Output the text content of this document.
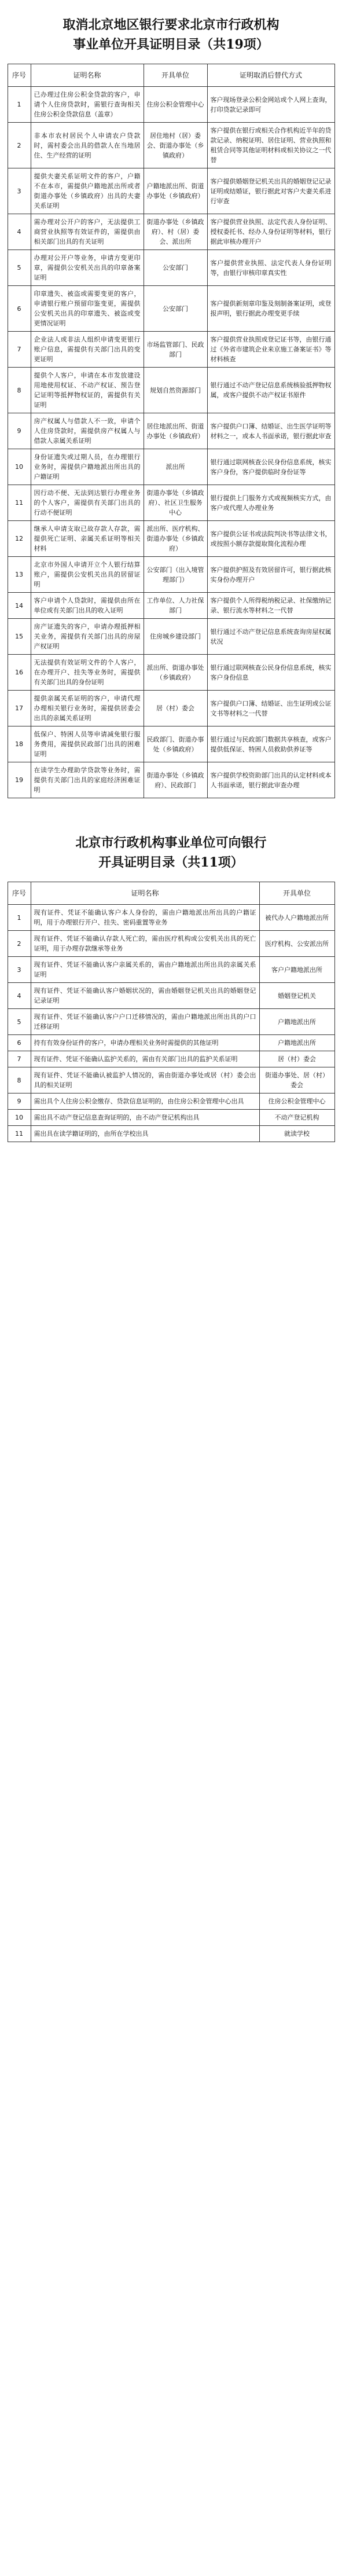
取消北京地区银行要求北京市行政机构
事业单位开具证明目录（共19项）
序号	证明名称	开具单位	证明取消后替代方式
1	已办理过住房公积金贷款的客户，申请个人住房贷款时，需银行查询相关住房公积金贷款信息（盖章）	住房公积金管理中心	客户现场登录公积金网站或个人网上查询，打印贷款记录即可
2	非本市农村居民个人申请农户贷款时，需村委会出具的借款人在当地居住、生产经营的证明	居住地村（居）委会、街道办事处（乡镇政府）	客户提供在银行或相关合作机构近半年的贷款记录、纳税证明、居住证明、营业执照和租赁合同等其他证明材料或相关协议之一代替
3	提供夫妻关系证明文件的客户，户籍不在本市，需提供户籍地派出所或者街道办事处（乡镇政府）出具的夫妻关系证明	户籍地派出所、街道办事处（乡镇政府）	客户提供婚姻登记机关出具的婚姻登记记录证明或结婚证，银行据此对客户夫妻关系进行审查
4	需办理对公开户的客户，无法提供工商营业执照等有效证件的，需提供由相关部门出具的有关证明	街道办事处（乡镇政府）、村（居）委会、派出所	客户提供营业执照、法定代表人身份证明、授权委托书、经办人身份证明等材料，银行据此审核办理开户
5	办理对公开户等业务，申请方变更印章，需提供公安机关出具的印章备案证明	公安部门	客户提供营业执照、法定代表人身份证明等，由银行审核印章真实性
6	印章遗失、被盗或需要变更的客户，申请银行账户预留印鉴变更，需提供公安机关出具的印章遗失、被盗或变更情况证明	公安部门	客户提供新刻章印鉴及刻制备案证明，或登报声明，银行据此办理变更手续
7	企业法人或非法人组织申请变更银行账户信息，需提供有关部门出具的变更证明	市场监管部门、民政部门	客户提供营业执照或登记证书等，由银行通过《外省市建筑企业来京施工备案证书》等材料核查
8	提供个人客户，申请在本市发放建设用地使用权证、不动产权证、预告登记证明等抵押物权证的，需提供有关证明	规划自然资源部门	银行通过不动产登记信息系统核验抵押物权属，或客户提供不动产权证书原件
9	房产权属人与借款人不一致，申请个人住房贷款时，需提供房产权属人与借款人亲属关系证明	居住地派出所、街道办事处（乡镇政府）	客户提供户口簿、结婚证、出生医学证明等材料之一，或本人书面承诺，银行据此审查
10	身份证遗失或过期人员，在办理银行业务时，需提供户籍地派出所出具的户籍证明	派出所	银行通过联网核查公民身份信息系统，核实客户身份，客户提供临时身份证等
11	因行动不便、无法到达银行办理业务的个人客户，需提供有关部门出具的行动不便证明	街道办事处（乡镇政府）、社区卫生服务中心	银行提供上门服务方式或视频核实方式，由客户或代理人办理业务
12	继承人申请支取已故存款人存款，需提供死亡证明、亲属关系证明等相关材料	派出所、医疗机构、街道办事处（乡镇政府）	客户提供公证书或法院判决书等法律文书，或按照小额存款提取简化流程办理
13	北京市外国人申请开立个人银行结算账户，需提供公安机关出具的居留证明	公安部门（出入境管理部门）	客户提供护照及有效居留许可，银行据此核实身份办理开户
14	客户申请个人贷款时，需提供由所在单位或有关部门出具的收入证明	工作单位、人力社保部门	客户提供个人所得税纳税记录、社保缴纳记录、银行流水等材料之一代替
15	房产证遗失的客户，申请办理抵押相关业务，需提供有关部门出具的房屋产权证明	住房城乡建设部门	银行通过不动产登记信息系统查询房屋权属状况
16	无法提供有效证明文件的个人客户，在办理开户、挂失等业务时，需提供有关部门出具的身份证明	派出所、街道办事处（乡镇政府）	银行通过联网核查公民身份信息系统，核实客户身份信息
17	提供亲属关系证明的客户，申请代理办理相关银行业务时，需提供居委会出具的亲属关系证明	居（村）委会	客户提供户口簿、结婚证、出生证明或公证文书等材料之一代替
18	低保户、特困人员等申请减免银行服务费用，需提供民政部门出具的困难证明	民政部门、街道办事处（乡镇政府）	银行通过与民政部门数据共享核查，或客户提供低保证、特困人员救助供养证等
19	在读学生办理助学贷款等业务时，需提供有关部门出具的家庭经济困难证明	街道办事处（乡镇政府）、民政部门	客户提供学校资助部门出具的认定材料或本人书面承诺，银行据此审查办理
北京市行政机构事业单位可向银行
开具证明目录（共11项）
序号	证明名称	开具单位
1	现有证件、凭证不能确认客户本人身份的，需由户籍地派出所出具的户籍证明，用于办理银行开户、挂失、密码重置等业务	被代办人户籍地派出所
2	现有证件、凭证不能确认存款人死亡的，需由医疗机构或公安机关出具的死亡证明，用于办理存款继承等业务	医疗机构、公安派出所
3	现有证件、凭证不能确认客户亲属关系的，需由户籍地派出所出具的亲属关系证明	客户户籍地派出所
4	现有证件、凭证不能确认客户婚姻状况的，需由婚姻登记机关出具的婚姻登记记录证明	婚姻登记机关
5	现有证件、凭证不能确认客户户口迁移情况的，需由户籍地派出所出具的户口迁移证明	户籍地派出所
6	持有有效身份证件的客户，申请办理相关业务时需提供的其他证明	户籍地派出所
7	现有证件、凭证不能确认监护关系的，需由有关部门出具的监护关系证明	居（村）委会
8	现有证件、凭证不能确认被监护人情况的，需由街道办事处或居（村）委会出具的相关证明	街道办事处、居（村）委会
9	需出具个人住房公积金缴存、贷款信息证明的，由住房公积金管理中心出具	住房公积金管理中心
10	需出具不动产登记信息查询证明的，由不动产登记机构出具	不动产登记机构
11	需出具在读学籍证明的，由所在学校出具	就读学校
